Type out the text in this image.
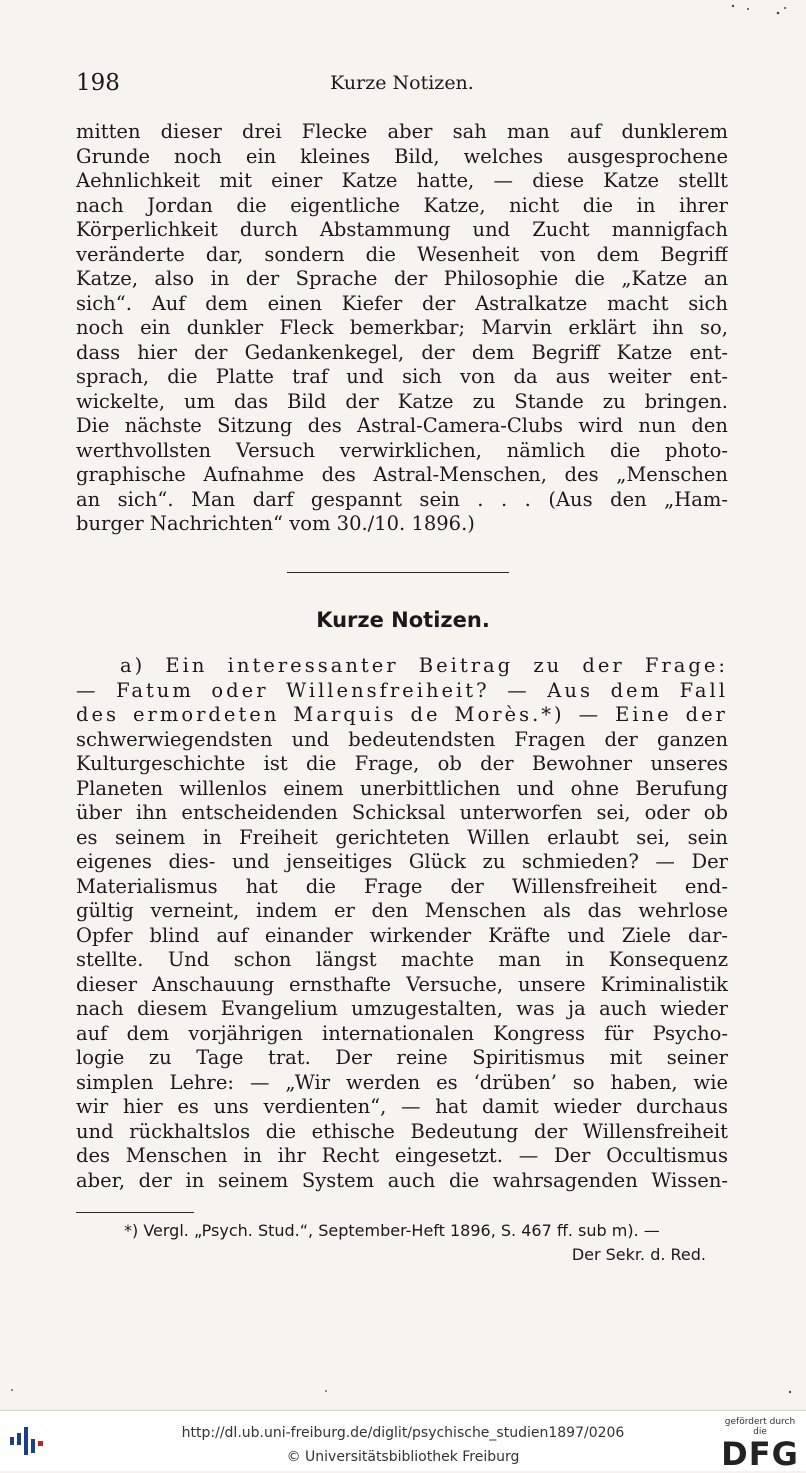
198	Kurze Notizen.
mitten dieser drei Flecke aber sah man auf dunklerem
Grunde noch ein kleines Bild, welches ausgesprochene
Aehnlichkeit mit einer Katze hatte, — diese Katze stellt
nach Jordan die eigentliche Katze, nicht die in ihrer
Körperlichkeit durch Abstammung und Zucht mannigfach
veränderte dar, sondern die Wesenheit von dem Begriff
Katze, also in der Sprache der Philosophie die „Katze an
sich“. Auf dem einen Kiefer der Astralkatze macht sich
noch ein dunkler Fleck bemerkbar; Marvin erklärt ihn so,
dass hier der Gedankenkegel, der dem Begriff Katze ent-
sprach, die Platte traf und sich von da aus weiter ent-
wickelte, um das Bild der Katze zu Stande zu bringen.
Die nächste Sitzung des Astral-Camera-Clubs wird nun den
werthvollsten Versuch verwirklichen, nämlich die photo-
graphische Aufnahme des Astral-Menschen, des „Menschen
an sich“. Man darf gespannt sein . . . (Aus den „Ham-
burger Nachrichten“ vom 30./10. 1896.)
Kurze Notizen.
a) Ein interessanter Beitrag zu der Frage:
— Fatum oder Willensfreiheit? — Aus dem Fall
des ermordeten Marquis de Morès.*) — Eine der
schwerwiegendsten und bedeutendsten Fragen der ganzen
Kulturgeschichte ist die Frage, ob der Bewohner unseres
Planeten willenlos einem unerbittlichen und ohne Berufung
über ihn entscheidenden Schicksal unterworfen sei, oder ob
es seinem in Freiheit gerichteten Willen erlaubt sei, sein
eigenes dies- und jenseitiges Glück zu schmieden? — Der
Materialismus hat die Frage der Willensfreiheit end-
gültig verneint, indem er den Menschen als das wehrlose
Opfer blind auf einander wirkender Kräfte und Ziele dar-
stellte. Und schon längst machte man in Konsequenz
dieser Anschauung ernsthafte Versuche, unsere Kriminalistik
nach diesem Evangelium umzugestalten, was ja auch wieder
auf dem vorjährigen internationalen Kongress für Psycho-
logie zu Tage trat. Der reine Spiritismus mit seiner
simplen Lehre: — „Wir werden es ‘drüben’ so haben, wie
wir hier es uns verdienten“, — hat damit wieder durchaus
und rückhaltslos die ethische Bedeutung der Willensfreiheit
des Menschen in ihr Recht eingesetzt. — Der Occultismus
aber, der in seinem System auch die wahrsagenden Wissen-
*) Vergl. „Psych. Stud.“, September-Heft 1896, S. 467 ff. sub m). —
Der Sekr. d. Red.
http://dl.ub.uni-freiburg.de/diglit/psychische_studien1897/0206
© Universitätsbibliothek Freiburg
gefördert durch die
DFG
